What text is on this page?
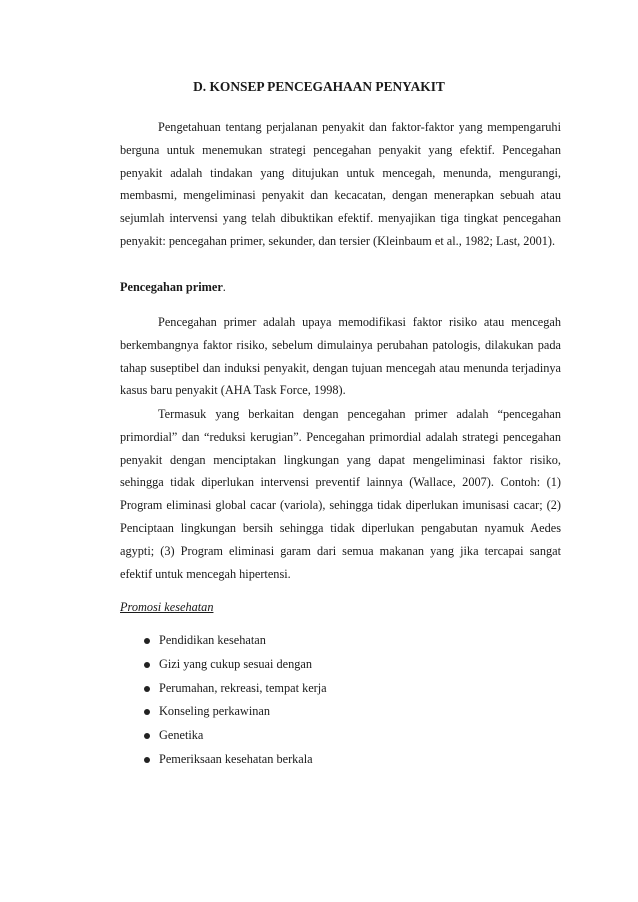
D. KONSEP PENCEGAHAAN PENYAKIT
Pengetahuan tentang perjalanan penyakit dan faktor-faktor yang mempengaruhi berguna untuk menemukan strategi pencegahan penyakit yang efektif. Pencegahan penyakit adalah tindakan yang ditujukan untuk mencegah, menunda, mengurangi, membasmi, mengeliminasi penyakit dan kecacatan, dengan menerapkan sebuah atau sejumlah intervensi yang telah dibuktikan efektif. menyajikan tiga tingkat pencegahan penyakit: pencegahan primer, sekunder, dan tersier (Kleinbaum et al., 1982; Last, 2001).
Pencegahan primer.
Pencegahan primer adalah upaya memodifikasi faktor risiko atau mencegah berkembangnya faktor risiko, sebelum dimulainya perubahan patologis, dilakukan pada tahap suseptibel dan induksi penyakit, dengan tujuan mencegah atau menunda terjadinya kasus baru penyakit (AHA Task Force, 1998).
Termasuk yang berkaitan dengan pencegahan primer adalah “pencegahan primordial” dan “reduksi kerugian”. Pencegahan primordial adalah strategi pencegahan penyakit dengan menciptakan lingkungan yang dapat mengeliminasi faktor risiko, sehingga tidak diperlukan intervensi preventif lainnya (Wallace, 2007). Contoh: (1) Program eliminasi global cacar (variola), sehingga tidak diperlukan imunisasi cacar; (2) Penciptaan lingkungan bersih sehingga tidak diperlukan pengabutan nyamuk Aedes agypti; (3) Program eliminasi garam dari semua makanan yang jika tercapai sangat efektif untuk mencegah hipertensi.
Promosi kesehatan
Pendidikan kesehatan
Gizi yang cukup sesuai dengan
Perumahan, rekreasi, tempat kerja
Konseling perkawinan
Genetika
Pemeriksaan kesehatan berkala
